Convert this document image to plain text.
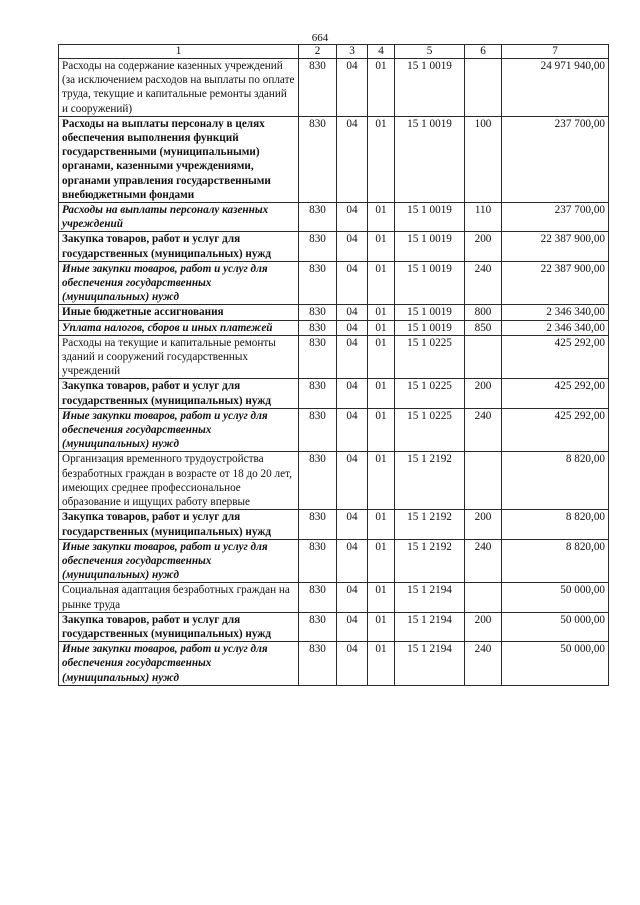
664
1	2	3	4	5	6	7
Расходы на содержание казенных учреждений (за исключением расходов на выплаты по оплате труда, текущие и капитальные ремонты зданий и сооружений)	830	04	01	15 1 0019		24 971 940,00
Расходы на выплаты персоналу в целях обеспечения выполнения функций государственными (муниципальными) органами, казенными учреждениями, органами управления государственными внебюджетными фондами	830	04	01	15 1 0019	100	237 700,00
Расходы на выплаты персоналу казенных учреждений	830	04	01	15 1 0019	110	237 700,00
Закупка товаров, работ и услуг для государственных (муниципальных) нужд	830	04	01	15 1 0019	200	22 387 900,00
Иные закупки товаров, работ и услуг для обеспечения государственных (муниципальных) нужд	830	04	01	15 1 0019	240	22 387 900,00
Иные бюджетные ассигнования	830	04	01	15 1 0019	800	2 346 340,00
Уплата налогов, сборов и иных платежей	830	04	01	15 1 0019	850	2 346 340,00
Расходы на текущие и капитальные ремонты зданий и сооружений государственных учреждений	830	04	01	15 1 0225		425 292,00
Закупка товаров, работ и услуг для государственных (муниципальных) нужд	830	04	01	15 1 0225	200	425 292,00
Иные закупки товаров, работ и услуг для обеспечения государственных (муниципальных) нужд	830	04	01	15 1 0225	240	425 292,00
Организация временного трудоустройства безработных граждан в возрасте от 18 до 20 лет, имеющих среднее профессиональное образование и ищущих работу впервые	830	04	01	15 1 2192		8 820,00
Закупка товаров, работ и услуг для государственных (муниципальных) нужд	830	04	01	15 1 2192	200	8 820,00
Иные закупки товаров, работ и услуг для обеспечения государственных (муниципальных) нужд	830	04	01	15 1 2192	240	8 820,00
Социальная адаптация безработных граждан на рынке труда	830	04	01	15 1 2194		50 000,00
Закупка товаров, работ и услуг для государственных (муниципальных) нужд	830	04	01	15 1 2194	200	50 000,00
Иные закупки товаров, работ и услуг для обеспечения государственных (муниципальных) нужд	830	04	01	15 1 2194	240	50 000,00
